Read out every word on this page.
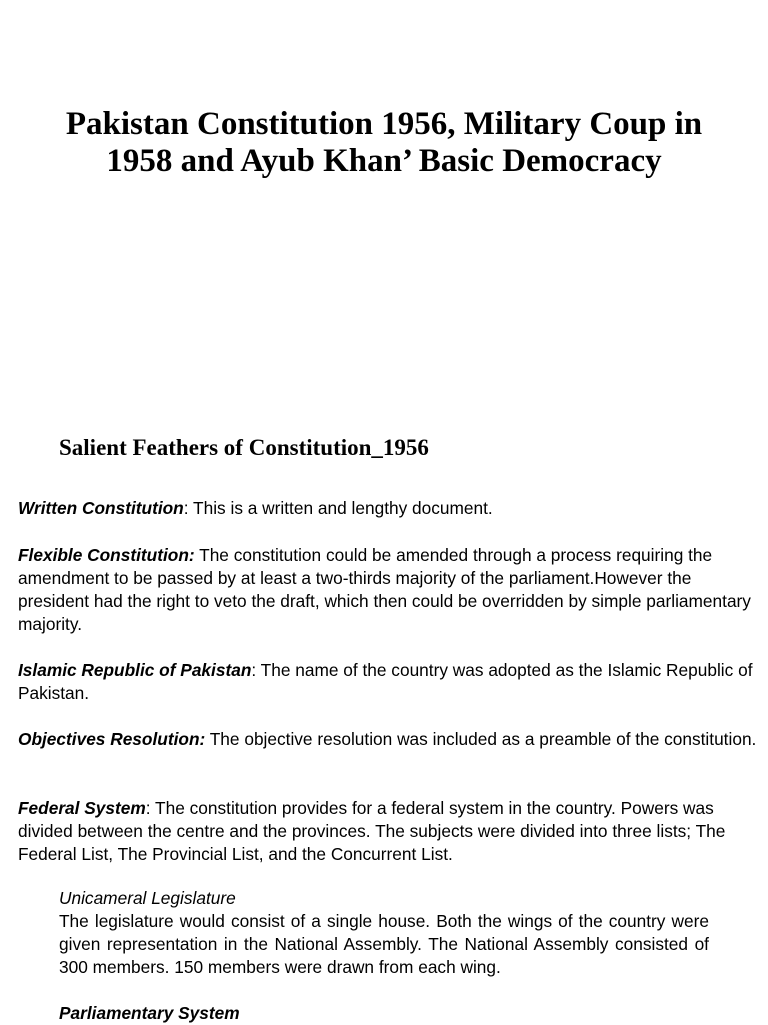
Pakistan Constitution 1956, Military Coup in 1958 and Ayub Khan’ Basic Democracy
Salient Feathers of Constitution_1956

Written Constitution: This is a written and lengthy document.

Flexible Constitution: The constitution could be amended through a process requiring the amendment to be passed by at least a two-thirds majority of the parliament.However the president had the right to veto the draft, which then could be overridden by simple parliamentary majority.

Islamic Republic of Pakistan: The name of the country was adopted as the Islamic Republic of Pakistan.

Objectives Resolution: The objective resolution was included as a preamble of the constitution.

Federal System: The constitution provides for a federal system in the country. Powers was divided between the centre and the provinces. The subjects were divided into three lists; The Federal List, The Provincial List, and the Concurrent List.

Unicameral Legislature

The legislature would consist of a single house. Both the wings of the country were given representation in the National Assembly. The National Assembly consisted of 300 members. 150 members were drawn from each wing.

Parliamentary System
